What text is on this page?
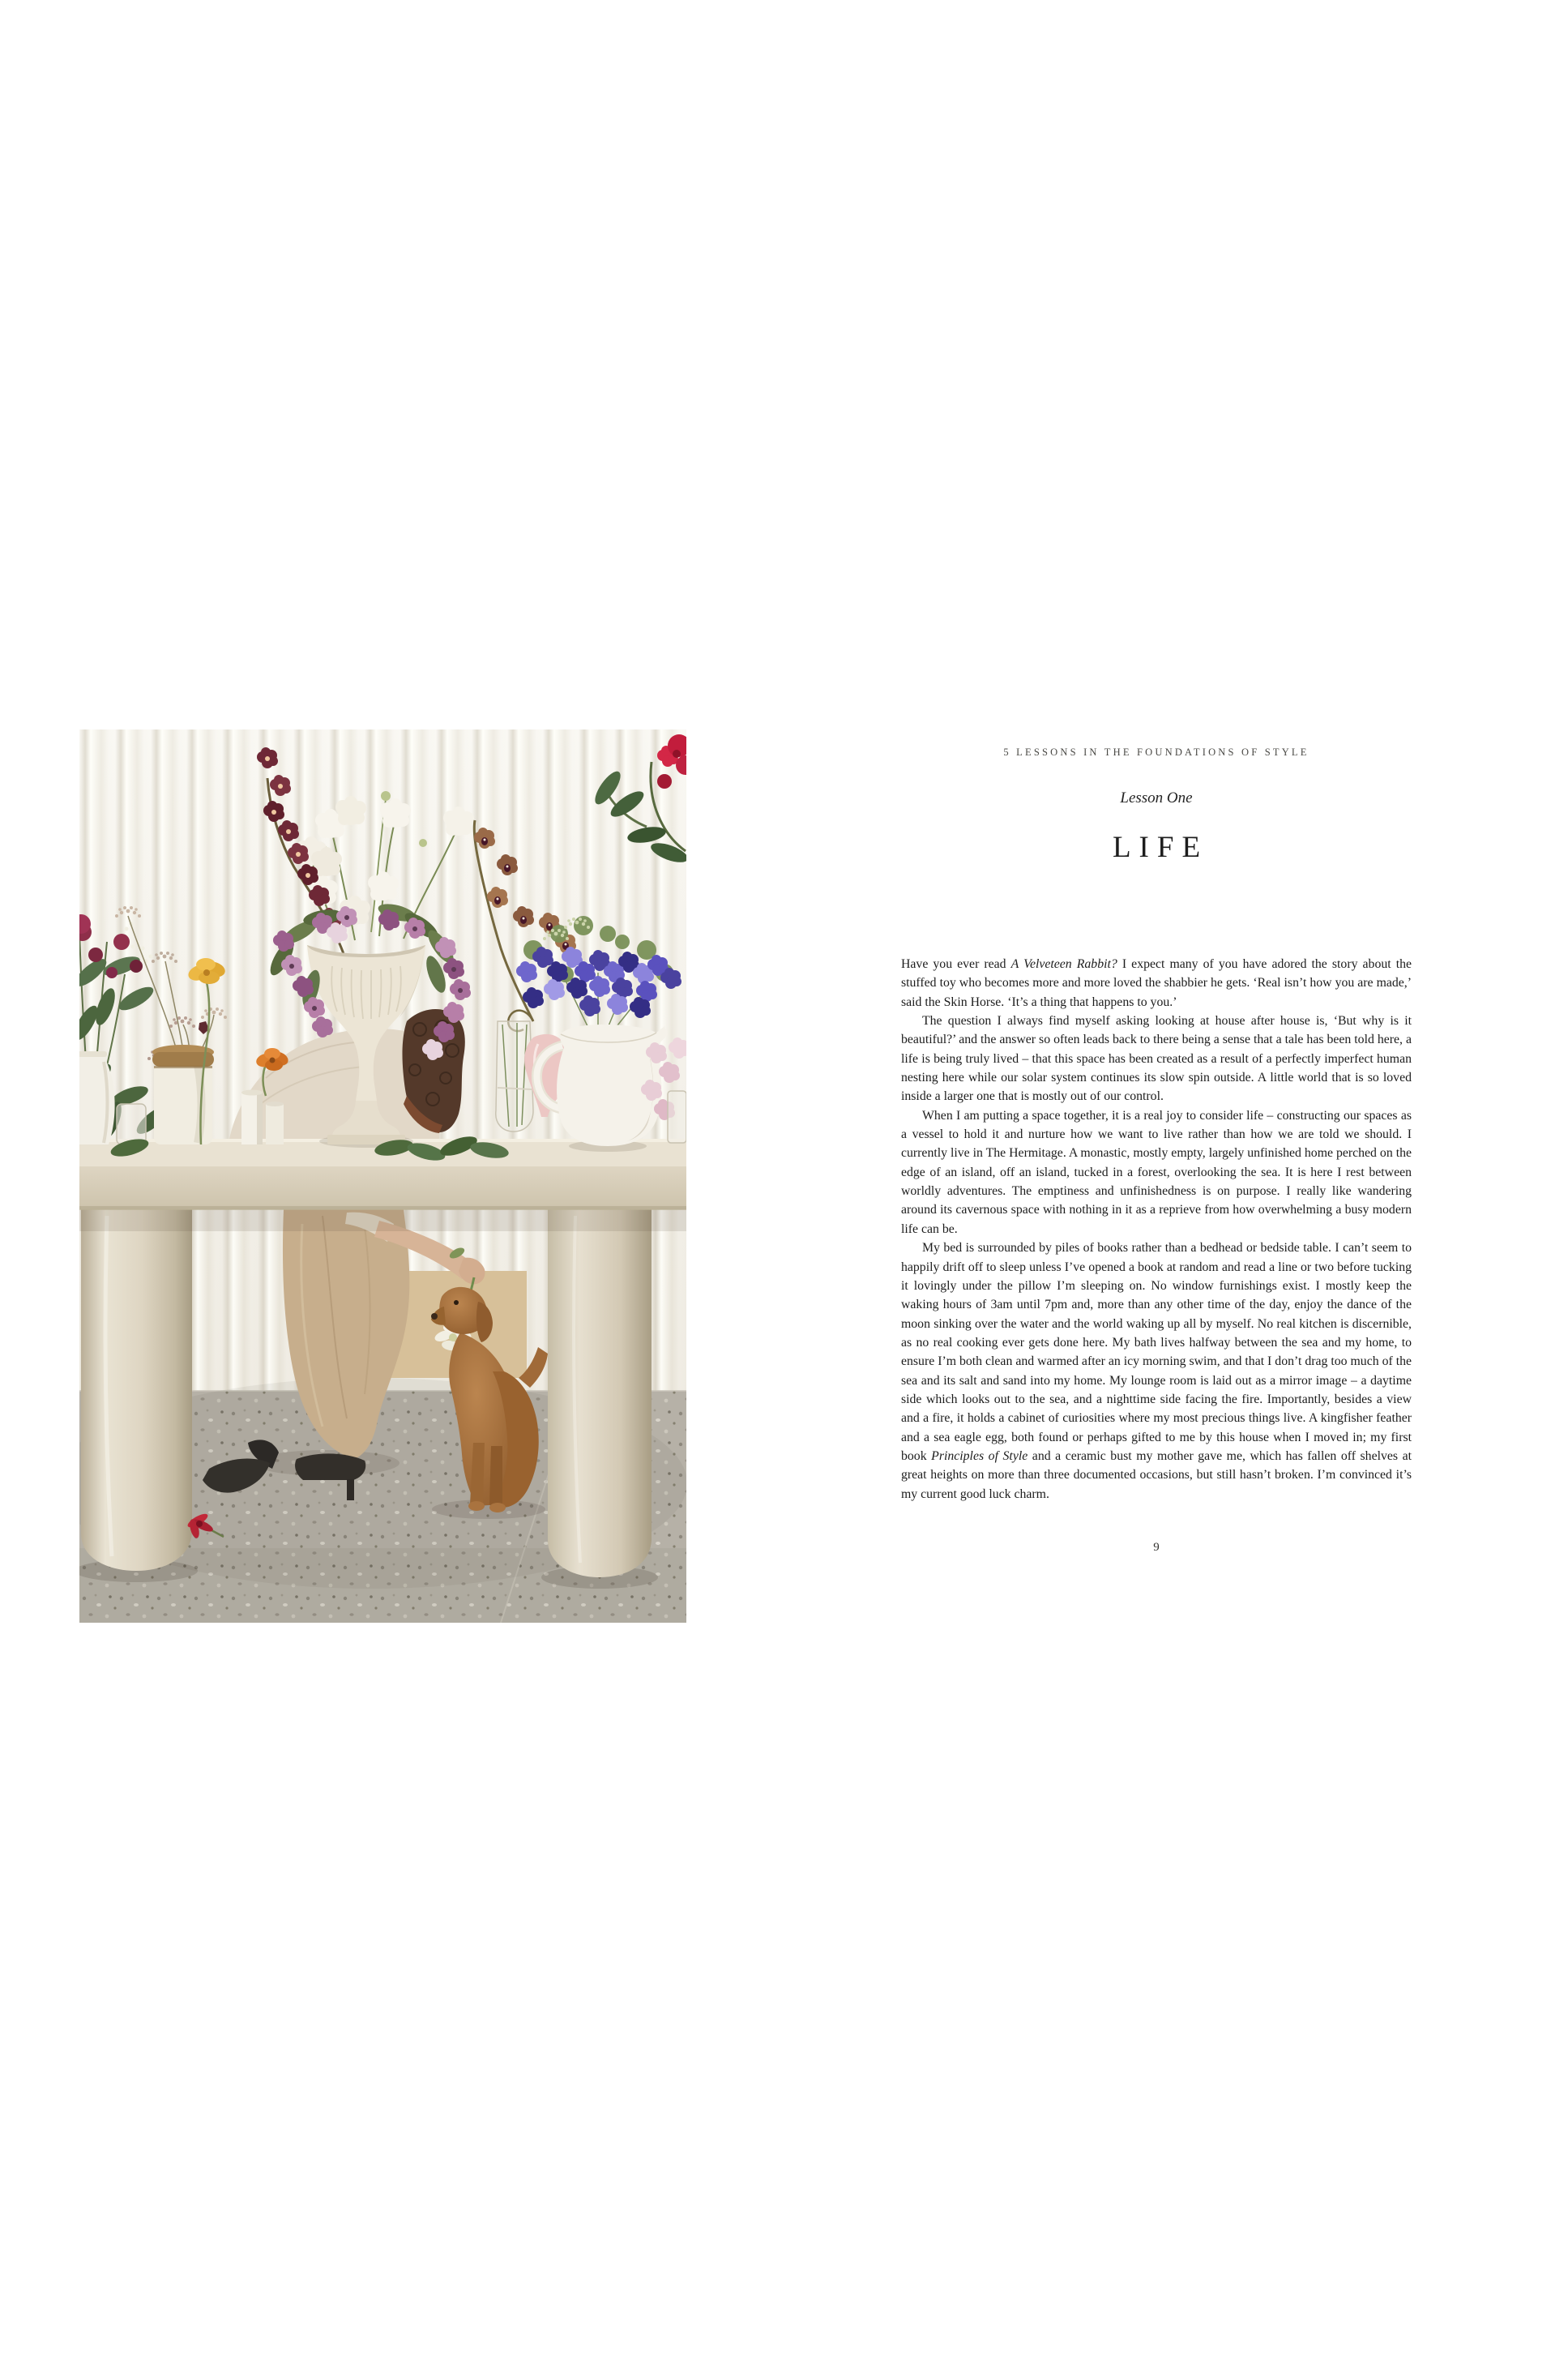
5 LESSONS IN THE FOUNDATIONS OF STYLE
Lesson One
LIFE

Have you ever read A Velveteen Rabbit? I expect many of you have adored the story about the stuffed toy who becomes more and more loved the shabbier he gets. ‘Real isn’t how you are made,’ said the Skin Horse. ‘It’s a thing that happens to you.’

The question I always find myself asking looking at house after house is, ‘But why is it beautiful?’ and the answer so often leads back to there being a sense that a tale has been told here, a life is being truly lived – that this space has been created as a result of a perfectly imperfect human nesting here while our solar system continues its slow spin outside. A little world that is so loved inside a larger one that is mostly out of our control.

When I am putting a space together, it is a real joy to consider life – constructing our spaces as a vessel to hold it and nurture how we want to live rather than how we are told we should. I currently live in The Hermitage. A monastic, mostly empty, largely unfinished home perched on the edge of an island, off an island, tucked in a forest, overlooking the sea. It is here I rest between worldly adventures. The emptiness and unfinishedness is on purpose. I really like wandering around its cavernous space with nothing in it as a reprieve from how overwhelming a busy modern life can be.

My bed is surrounded by piles of books rather than a bedhead or bedside table. I can’t seem to happily drift off to sleep unless I’ve opened a book at random and read a line or two before tucking it lovingly under the pillow I’m sleeping on. No window furnishings exist. I mostly keep the waking hours of 3am until 7pm and, more than any other time of the day, enjoy the dance of the moon sinking over the water and the world waking up all by myself. No real kitchen is discernible, as no real cooking ever gets done here. My bath lives halfway between the sea and my home, to ensure I’m both clean and warmed after an icy morning swim, and that I don’t drag too much of the sea and its salt and sand into my home. My lounge room is laid out as a mirror image – a daytime side which looks out to the sea, and a nighttime side facing the fire. Importantly, besides a view and a fire, it holds a cabinet of curiosities where my most precious things live. A kingfisher feather and a sea eagle egg, both found or perhaps gifted to me by this house when I moved in; my first book Principles of Style and a ceramic bust my mother gave me, which has fallen off shelves at great heights on more than three documented occasions, but still hasn’t broken. I’m convinced it’s my current good luck charm.

9
